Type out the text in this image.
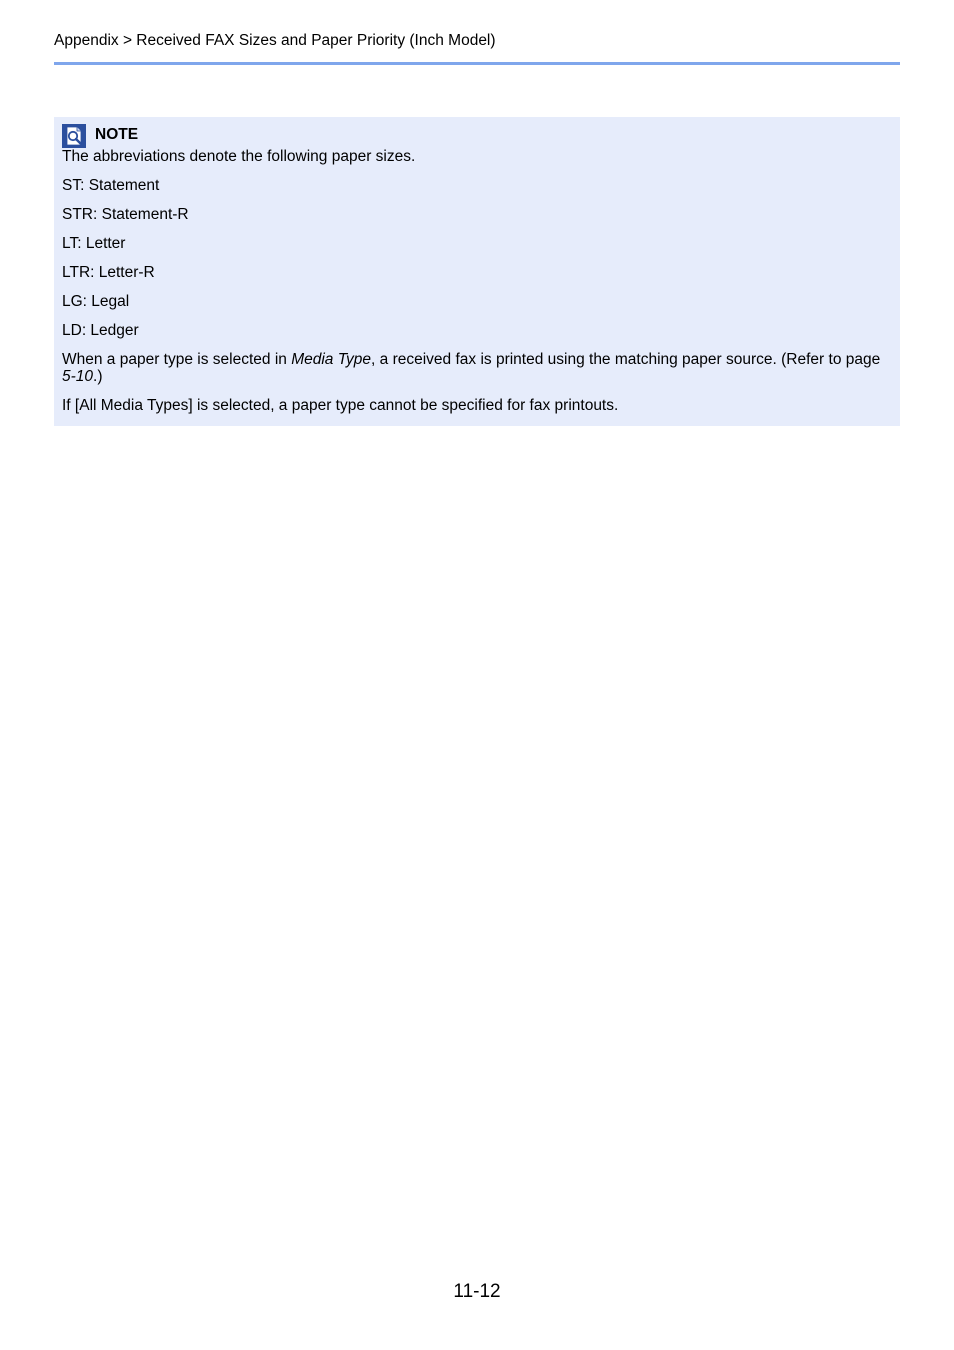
Appendix > Received FAX Sizes and Paper Priority (Inch Model)
NOTE

The abbreviations denote the following paper sizes.

ST: Statement

STR: Statement-R

LT: Letter

LTR: Letter-R

LG: Legal

LD: Ledger

When a paper type is selected in Media Type, a received fax is printed using the matching paper source. (Refer to page 5-10.)

If [All Media Types] is selected, a paper type cannot be specified for fax printouts.

11-12
